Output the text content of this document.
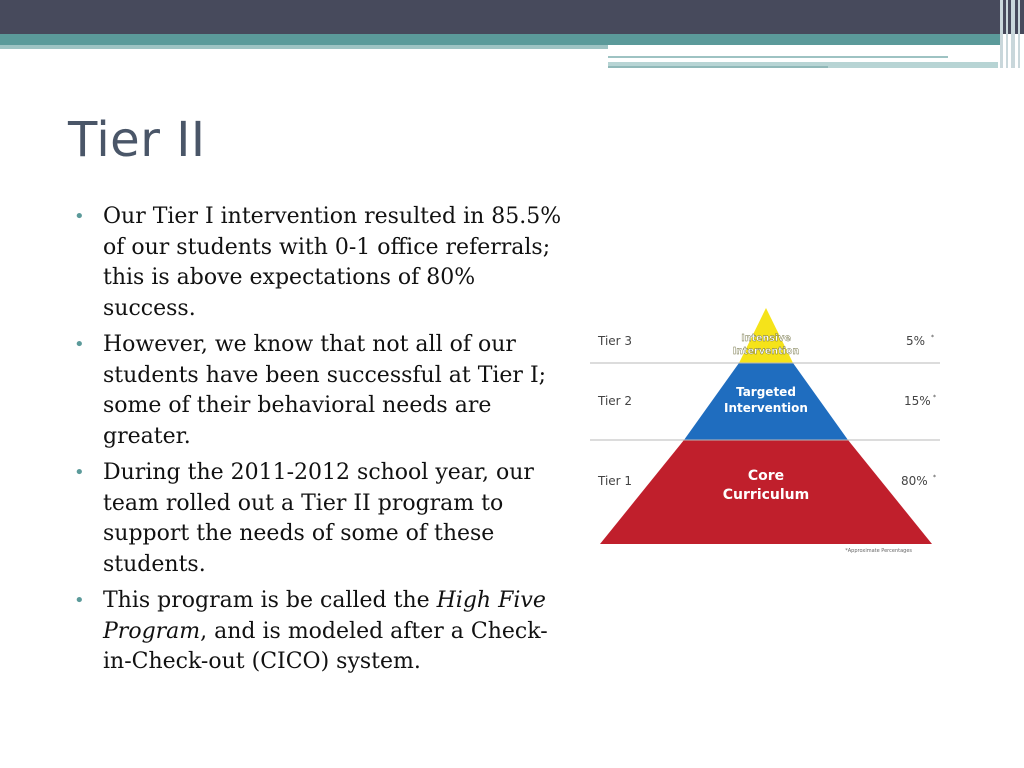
Tier II
• Our Tier I intervention resulted in 85.5% of our students with 0-1 office referrals; this is above expectations of 80% success.
• However, we know that not all of our students have been successful at Tier I; some of their behavioral needs are greater.
• During the 2011-2012 school year, our team rolled out a Tier II program to support the needs of some of these students.
• This program is be called the High Five Program, and is modeled after a Check-in-Check-out (CICO) system.
Tier 3
Tier 2
Tier 1
5%
15%
80%
*
*
*
Intensive
Intervention
Targeted
Intervention
Core
Curriculum
*Approximate Percentages
